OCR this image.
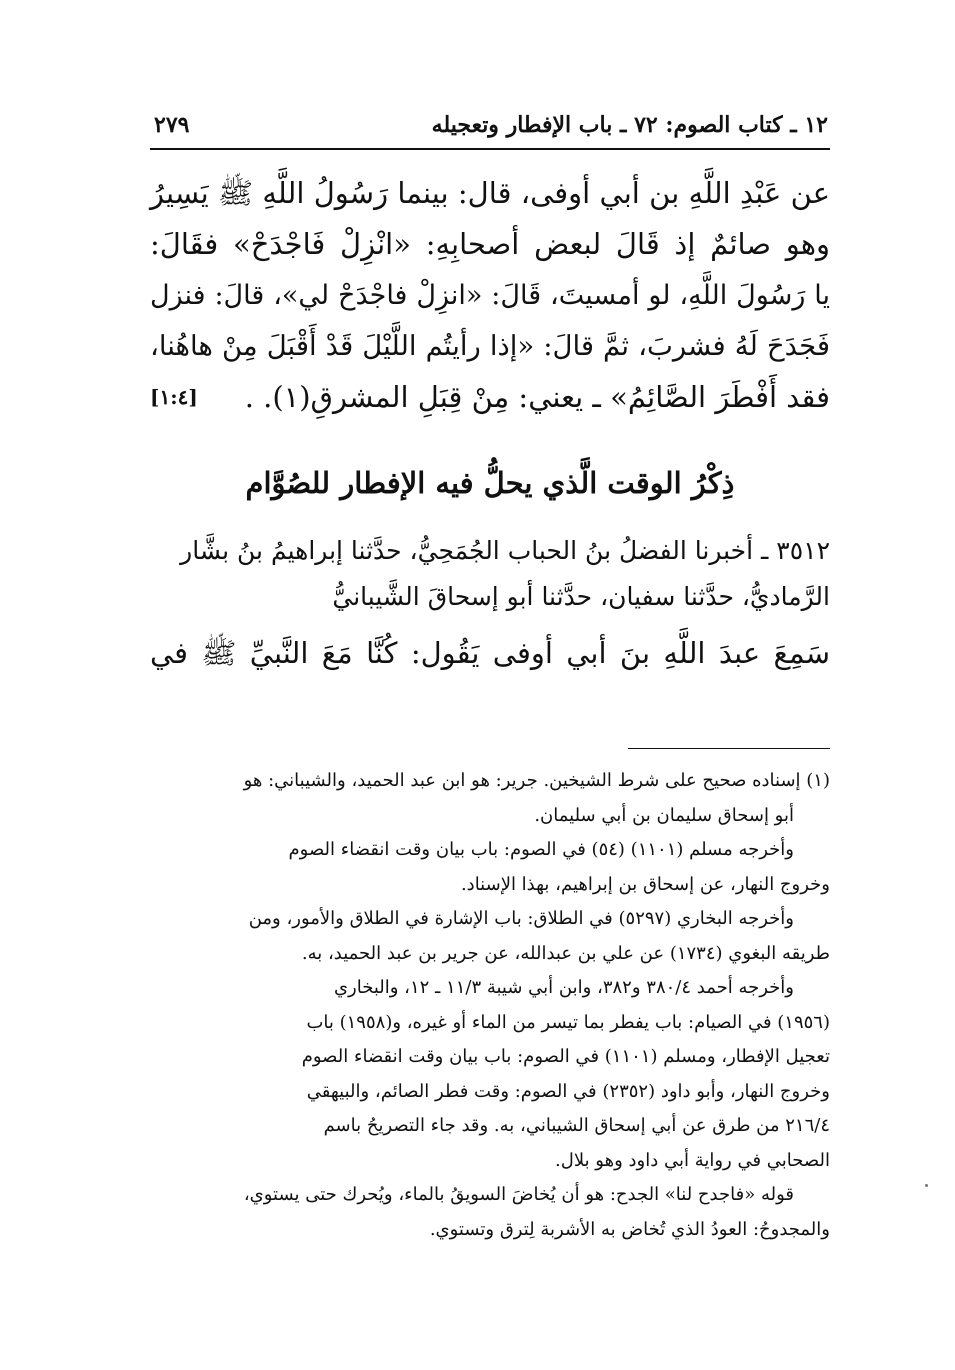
١٢ ـ كتاب الصوم: ٧٢ ـ باب الإفطار وتعجيله
٢٧٩
عن عَبْدِ اللَّهِ بن أبي أوفى، قال: بينما رَسُولُ اللَّهِ ﷺ يَسِيرُ
وهو صائمٌ إذ قَالَ لبعض أصحابِهِ: «انْزِلْ فَاجْدَحْ» فقَالَ:
يا رَسُولَ اللَّهِ، لو أمسيتَ، قَالَ: «انزِلْ فاجْدَحْ لي»، قالَ: فنزل
فَجَدَحَ لَهُ فشربَ، ثمَّ قالَ: «إذا رأيتُم اللَّيْلَ قَدْ أَقْبَلَ مِنْ هاهُنا،
فقد أَفْطَرَ الصَّائِمُ» ـ يعني: مِنْ قِبَلِ المشرقِ(١). .
[١:٤]
ذِكْرُ الوقت الَّذي يحلُّ فيه الإفطار للصُوَّام
٣٥١٢ ـ أخبرنا الفضلُ بنُ الحباب الجُمَحِيُّ، حدَّثنا إبراهيمُ بنُ بشَّار
الرَّماديُّ، حدَّثنا سفيان، حدَّثنا أبو إسحاقَ الشَّيبانيُّ
سَمِعَ عبدَ اللَّهِ بنَ أبي أوفى يَقُول: كُنَّا مَعَ النَّبيِّ ﷺ في
(١) إسناده صحيح على شرط الشيخين. جرير: هو ابن عبد الحميد، والشيباني: هو
أبو إسحاق سليمان بن أبي سليمان.
وأخرجه مسلم (١١٠١) (٥٤) في الصوم: باب بيان وقت انقضاء الصوم
وخروج النهار، عن إسحاق بن إبراهيم، بهذا الإسناد.
وأخرجه البخاري (٥٢٩٧) في الطلاق: باب الإشارة في الطلاق والأمور، ومن
طريقه البغوي (١٧٣٤) عن علي بن عبدالله، عن جرير بن عبد الحميد، به.
وأخرجه أحمد ٣٨٠/٤ و٣٨٢، وابن أبي شيبة ١١/٣ ـ ١٢، والبخاري
(١٩٥٦) في الصيام: باب يفطر بما تيسر من الماء أو غيره، و(١٩٥٨) باب
تعجيل الإفطار، ومسلم (١١٠١) في الصوم: باب بيان وقت انقضاء الصوم
وخروج النهار، وأبو داود (٢٣٥٢) في الصوم: وقت فطر الصائم، والبيهقي
٢١٦/٤ من طرق عن أبي إسحاق الشيباني، به. وقد جاء التصريحُ باسم
الصحابي في رواية أبي داود وهو بلال.
قوله «فاجدح لنا» الجدح: هو أن يُخاضَ السويقُ بالماء، ويُحرك حتى يستوي،
والمجدوحُ: العودُ الذي تُخاض به الأشربة لِترق وتستوي.
